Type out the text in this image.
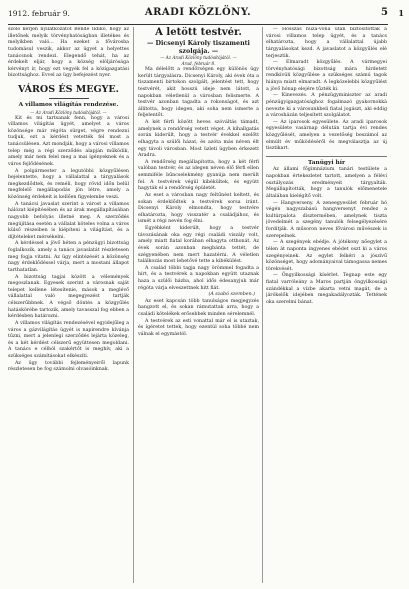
1912. február 9.	ARADI KÖZLÖNY.	5 1

szóló kérjen nyilatkozatot Bende Ildikó, hogy az illetőnek melyik törvényhatóságban illetékes és melyikben való... Ha ezeket a fővárosba tudomásul veszik, akkor az ügyet a helyettes tanácsnok rendezi. Elegendő tehát, ha az érdekelt eljár, hogy a község elöljárósága kérvényt ír, hogy ezt vegyék fel a közigazgatási bizottsághoz. Evvel az ügy befejezést nyer.

VÁROS ÉS MEGYE.
A villamos világítás rendezése.
— Az Aradi Közlöny tudósítójától. —

Kit és mi tartsanak fenn, hogy a városi villamos világítás ügyét, amelyet a város közönsége már régóta sürget, végre rendezni tudjuk, ezt a kérdést vetették fel most a tanácsülésen. Azt mondják, hogy a városi villamos telep még a régi szerződés alapján működik, amely már nem felel meg a mai igényeknek és a város fejlődésének.

A polgármester a legutóbbi közgyűlésen bejelentette, hogy a vállalattal a tárgyalások megkezdődtek, és reméli, hogy rövid időn belül megfelelő megállapodás jön létre, amely a közönség érdekeit is kellően figyelembe veszi.

A tanácsi javaslat szerint a várost a villamos hálózat kiépítésében és az árak megállapításában nagyobb befolyás illetné meg. A szerződés megújítása esetén a vállalat köteles volna a város külső részeiben is kiépíteni a világítást, és a díjtételeket mérsékelni.

A kérdéssel a jövő héten a pénzügyi bizottság foglalkozik, amely a tanács javaslatát részletesen meg fogja vitatni. Az ügy elintézését a közönség nagy érdeklődéssel várja, mert a mostani állapot tarthatatlan.

A bizottság tagjai között a vélemények megoszlanak. Egyesek szerint a városnak saját telepet kellene létesítenie, mások a meglévő vállalattal való megegyezést tartják célszerűbbnek. A végső döntés a közgyűlés hatáskörébe tartozik, amely tavasszal fog ebben a kérdésben határozni.

A villamos világítás rendezésével egyidejűleg a város a gázvilágítás ügyét is napirendre kívánja tűzni, mert a jelenlegi szerződés lejárta közeleg, és a két kérdést célszerű együttesen megoldani. A tanács e célból szakértőt is meghív, aki a szükséges számításokat elkészíti.

Az ügy további fejleményeiről lapunk részletesen be fog számolni olvasóinknak.

A letött testvér.
— Dicsenyi Károly tiszamenti szolgája. —
— Az Aradi Közlöny tudósítójától. —
Arad, február 8.

Ma délelőtt a rendőrségen egy különös ügy került tárgyalásra. Dicsenyi Károly, aki évek óta a tiszamenti birtokon szolgált, jelentést tett, hogy testvérét, akit hosszú ideje nem látott, a napokban véletlenül a városban felismerte. A testvér azonban tagadta a rokonságot, és azt állította, hogy idegen, aki soha nem ismerte a feljelentőt.

A két férfi között heves szóváltás támadt, amelynek a rendőrség vetett véget. A kihallgatás során kiderült, hogy a testvér évekkel ezelőtt elhagyta a szülői házat, és azóta más néven élt egy távoli városban. Most üzleti ügyben érkezett Aradra.

A rendőrség megállapította, hogy a két férfi valóban testvér, és az idegen néven élő férfi ellen semmiféle bűncselekmény gyanúja nem merült fel. A testvérek végül kibékültek, és együtt hagyták el a rendőrség épületét.

Az eset a városban nagy feltűnést keltett, és sokan érdeklődtek a testvérek sorsa iránt. Dicsenyi Károly elmondta, hogy testvére elhatározta, hogy visszatér a családjához, és ismét a régi nevén fog élni.

Egyébként kiderült, hogy a testvér távozásának oka egy régi családi viszály volt, amely miatt fiatal korában elhagyta otthonát. Az évek során azonban megbánta tettét, de szégyenében nem mert hazatérni. A véletlen találkozás most lehetővé tette a kibékülést.

A család többi tagja nagy örömmel fogadta a hírt, és a testvérek a napokban együtt utaznak haza a szülői házba, ahol idős édesanyjuk már régóta várja elveszettnek hitt fiát.

(A szabó szemben.)

Az eset kapcsán több tanulságos megjegyzés hangzott el, és sokan rámutattak arra, hogy a családi kötelékek erősebbek minden sérelemnél.

A testvérek az esti vonattal már el is utaztak, és ígéretet tettek, hogy ezentúl soha többé nem válnak el egymástól.

— Hosszas huza-vona után biztosították a városi villamos telep ügyét, és a tanács elhatározta, hogy a vállalattal újabb tárgyalásokat kezd. A javaslatot a közgyűlés elé terjesztik.

— Elmaradt közgyűlés. A vármegyei törvényhatósági bizottság mára hirdetett rendkívüli közgyűlése a szükséges számú tagok hiánya miatt elmaradt. A legközelebbi közgyűlést a jövő hónap elejére tűzték ki.

— Kinevezés. A pénzügyminiszter az aradi pénzügyigazgatósághoz fogalmazó gyakornokká nevezte ki a városunkbeli fiatal jogászt, aki eddig a városházán teljesített szolgálatot.

— Az iparosok egyesülete. Az aradi iparosok egyesülete vasárnap délután tartja évi rendes közgyűlését, amelyen a vezetőség beszámol az elmúlt év működéséről és megválasztja az új tisztikart.

Tanügyi hír

Az állami főgimnázium tanári testülete a napokban értekezletet tartott, amelyen a félévi osztályozás eredményeit tárgyalták. Megállapították, hogy a tanulók előmenetele általában kielégítő volt.

— Hangverseny. A zeneegyesület február hó végén nagyszabású hangversenyt rendez a kultúrpalota dísztermében, amelynek tiszta jövedelmét a szegény tanulók felsegélyezésére fordítják. A műsoron neves fővárosi művészek is szerepelnek.

— A szegények ebédje. A jótékony nőegylet a télen át naponta ingyenes ebédet oszt ki a város szegényeinek. Az egylet felkéri a jószívű közönséget, hogy adományaival támogassa nemes törekvését.

— Öngyilkossági kísérlet. Tegnap este egy fiatal varróleány a Maros partján öngyilkossági szándékkal a vízbe akarta vetni magát, de a járókelők idejében megakadályozták. Tettének oka szerelmi bánat.
